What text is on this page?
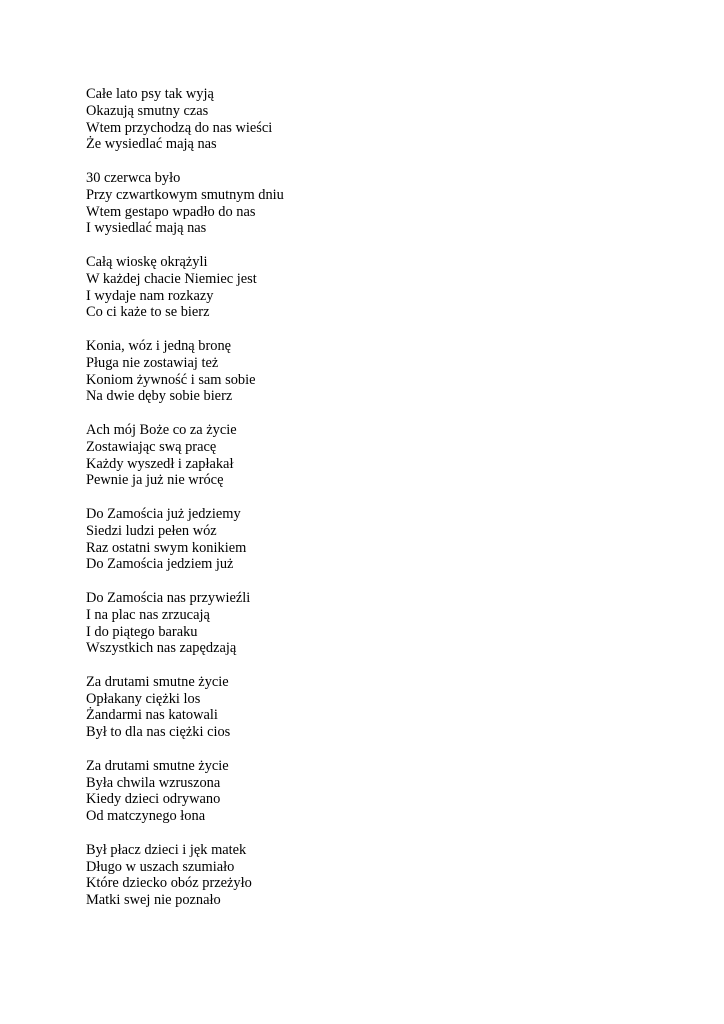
Całe lato psy tak wyją
Okazują smutny czas
Wtem przychodzą do nas wieści
Że wysiedlać mają nas
30 czerwca było
Przy czwartkowym smutnym dniu
Wtem gestapo wpadło do nas
I wysiedlać mają nas
Całą wioskę okrążyli
W każdej chacie Niemiec jest
I wydaje nam rozkazy
Co ci każe to se bierz
Konia, wóz i jedną bronę
Pługa nie zostawiaj też
Koniom żywność i sam sobie
Na dwie dęby sobie bierz
Ach mój Boże co za życie
Zostawiając swą pracę
Każdy wyszedł i zapłakał
Pewnie ja już nie wrócę
Do Zamościa już jedziemy
Siedzi ludzi pełen wóz
Raz ostatni swym konikiem
Do Zamościa jedziem już
Do Zamościa nas przywieźli
I na plac nas zrzucają
I do piątego baraku
Wszystkich nas zapędzają
Za drutami smutne życie
Opłakany ciężki los
Żandarmi nas katowali
Był to dla nas ciężki cios
Za drutami smutne życie
Była chwila wzruszona
Kiedy dzieci odrywano
Od matczynego łona
Był płacz dzieci i jęk matek
Długo w uszach szumiało
Które dziecko obóz przeżyło
Matki swej nie poznało
